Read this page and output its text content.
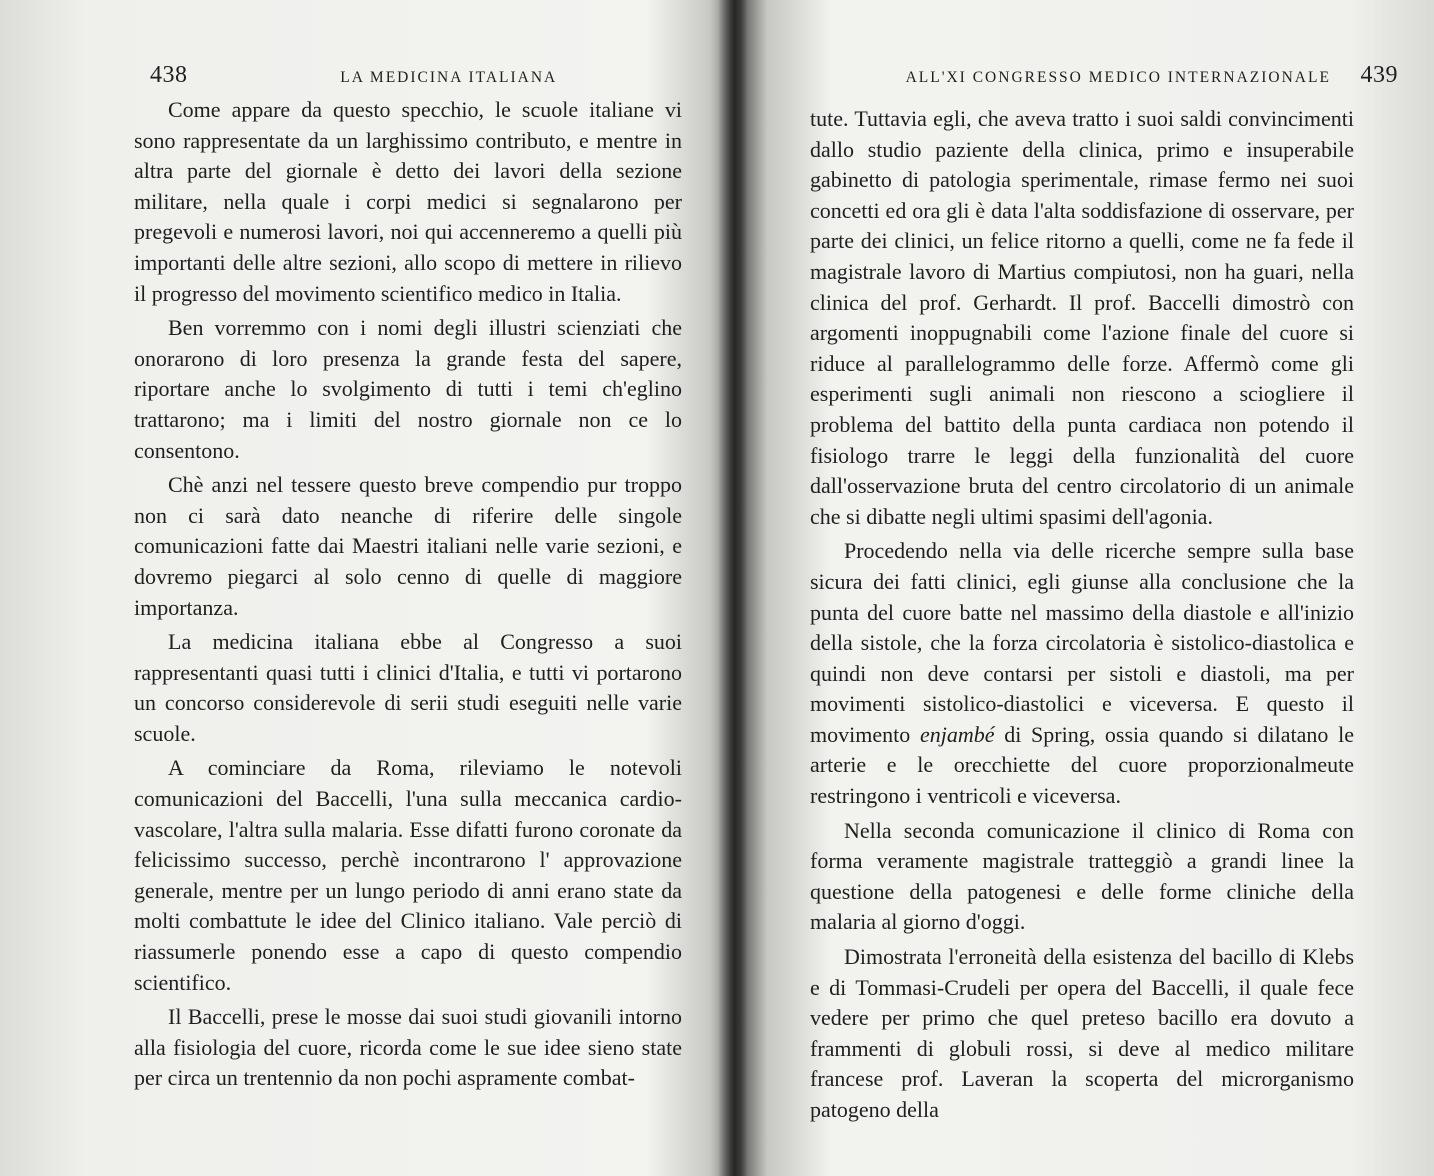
438	LA MEDICINA ITALIANA

Come appare da questo specchio, le scuole italiane vi sono rappresentate da un larghissimo contributo, e mentre in altra parte del giornale è detto dei lavori della sezione militare, nella quale i corpi medici si segnalarono per pregevoli e numerosi lavori, noi qui accenneremo a quelli più importanti delle altre sezioni, allo scopo di mettere in rilievo il progresso del movimento scientifico medico in Italia.

Ben vorremmo con i nomi degli illustri scienziati che onorarono di loro presenza la grande festa del sapere, riportare anche lo svolgimento di tutti i temi ch'eglino trattarono; ma i limiti del nostro giornale non ce lo consentono.

Chè anzi nel tessere questo breve compendio pur troppo non ci sarà dato neanche di riferire delle singole comunicazioni fatte dai Maestri italiani nelle varie sezioni, e dovremo piegarci al solo cenno di quelle di maggiore importanza.

La medicina italiana ebbe al Congresso a suoi rappresentanti quasi tutti i clinici d'Italia, e tutti vi portarono un concorso considerevole di serii studi eseguiti nelle varie scuole.

A cominciare da Roma, rileviamo le notevoli comunicazioni del Baccelli, l'una sulla meccanica cardio-vascolare, l'altra sulla malaria. Esse difatti furono coronate da felicissimo successo, perchè incontrarono l' approvazione generale, mentre per un lungo periodo di anni erano state da molti combattute le idee del Clinico italiano. Vale perciò di riassumerle ponendo esse a capo di questo compendio scientifico.

Il Baccelli, prese le mosse dai suoi studi giovanili intorno alla fisiologia del cuore, ricorda come le sue idee sieno state per circa un trentennio da non pochi aspramente combat-

ALL'XI CONGRESSO MEDICO INTERNAZIONALE	439

tute. Tuttavia egli, che aveva tratto i suoi saldi convincimenti dallo studio paziente della clinica, primo e insuperabile gabinetto di patologia sperimentale, rimase fermo nei suoi concetti ed ora gli è data l'alta soddisfazione di osservare, per parte dei clinici, un felice ritorno a quelli, come ne fa fede il magistrale lavoro di Martius compiutosi, non ha guari, nella clinica del prof. Gerhardt. Il prof. Baccelli dimostrò con argomenti inoppugnabili come l'azione finale del cuore si riduce al parallelogrammo delle forze. Affermò come gli esperimenti sugli animali non riescono a sciogliere il problema del battito della punta cardiaca non potendo il fisiologo trarre le leggi della funzionalità del cuore dall'osservazione bruta del centro circolatorio di un animale che si dibatte negli ultimi spasimi dell'agonia.

Procedendo nella via delle ricerche sempre sulla base sicura dei fatti clinici, egli giunse alla conclusione che la punta del cuore batte nel massimo della diastole e all'inizio della sistole, che la forza circolatoria è sistolico-diastolica e quindi non deve contarsi per sistoli e diastoli, ma per movimenti sistolico-diastolici e viceversa. E questo il movimento enjambé di Spring, ossia quando si dilatano le arterie e le orecchiette del cuore proporzionalmeute restringono i ventricoli e viceversa.

Nella seconda comunicazione il clinico di Roma con forma veramente magistrale tratteggiò a grandi linee la questione della patogenesi e delle forme cliniche della malaria al giorno d'oggi.

Dimostrata l'erroneità della esistenza del bacillo di Klebs e di Tommasi-Crudeli per opera del Baccelli, il quale fece vedere per primo che quel preteso bacillo era dovuto a frammenti di globuli rossi, si deve al medico militare francese prof. Laveran la scoperta del microrganismo patogeno della
